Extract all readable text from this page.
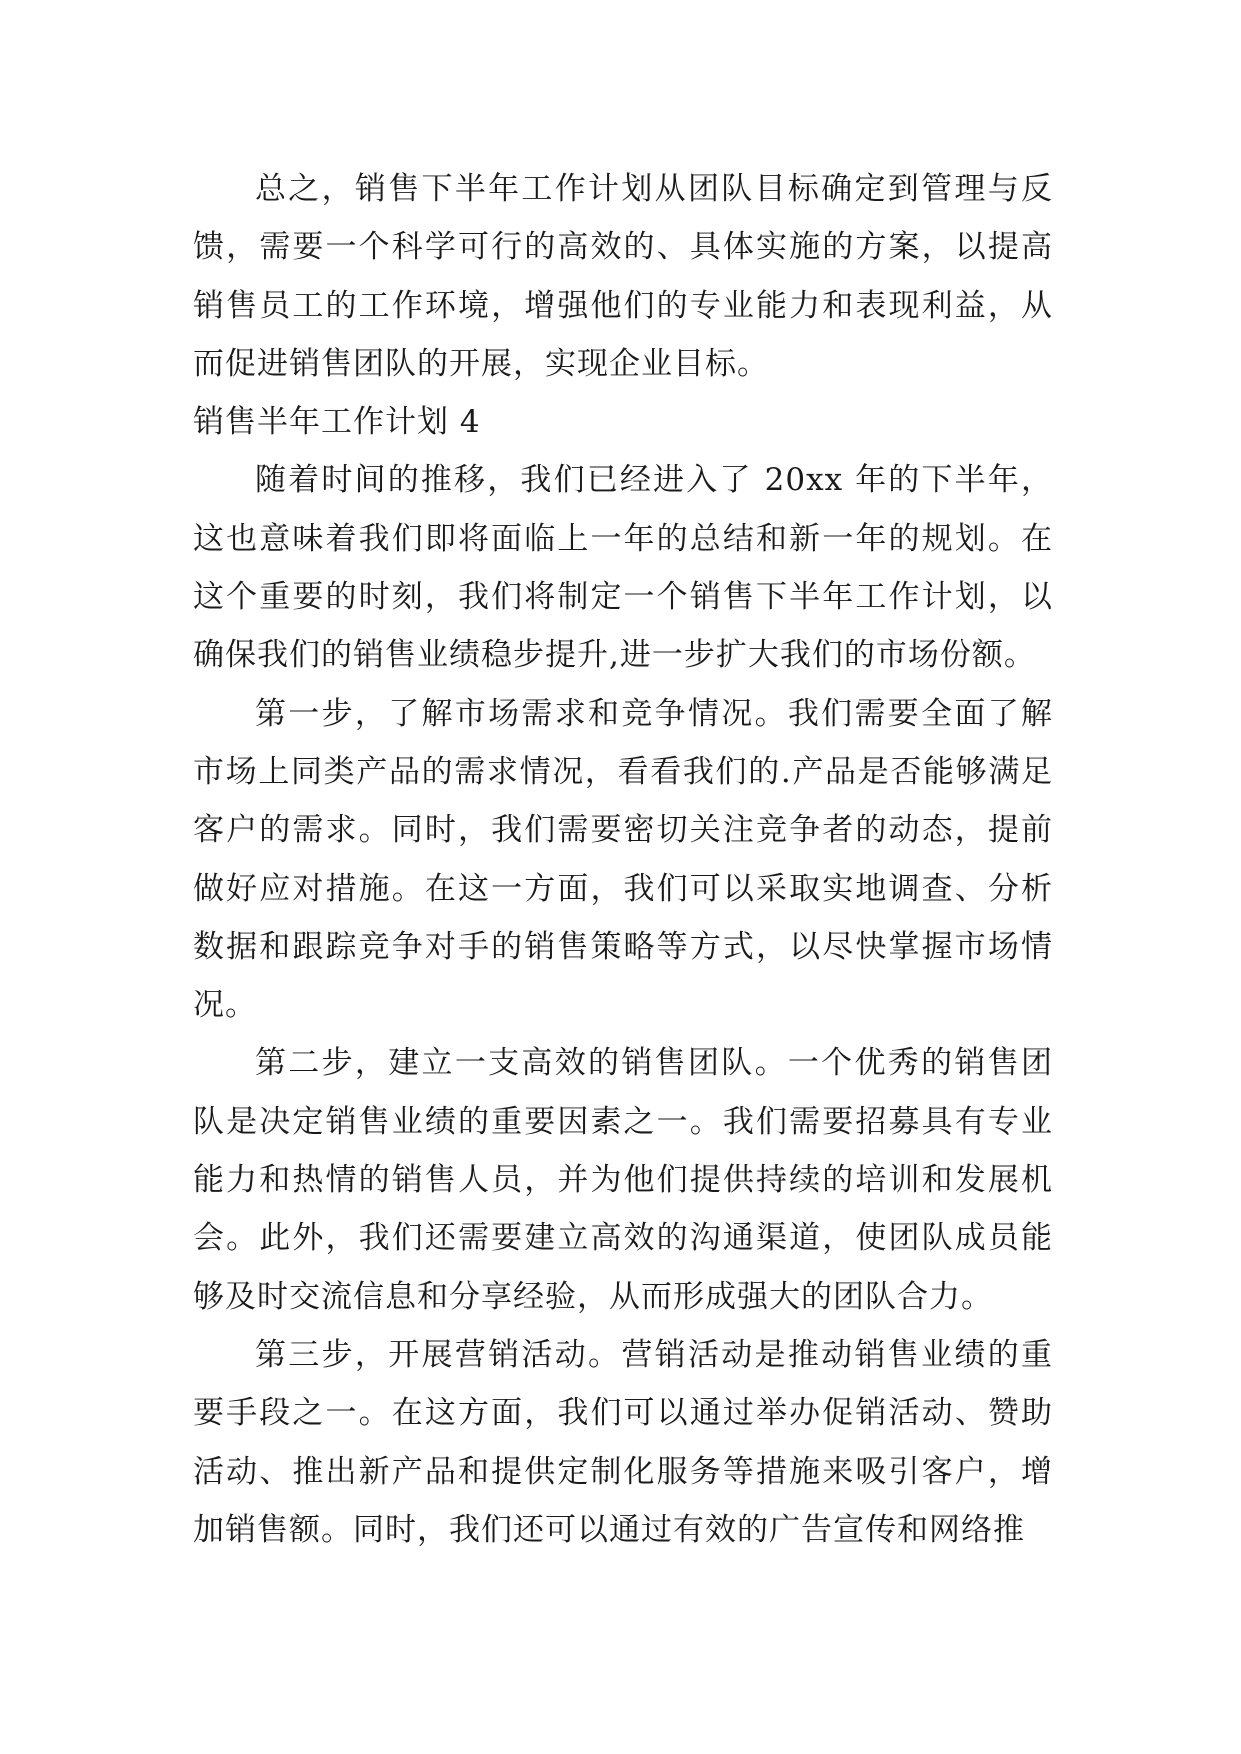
总之，销售下半年工作计划从团队目标确定到管理与反馈，需要一个科学可行的高效的、具体实施的方案，以提高销售员工的工作环境，增强他们的专业能力和表现利益，从而促进销售团队的开展，实现企业目标。

销售半年工作计划 4

随着时间的推移，我们已经进入了 20xx 年的下半年，这也意味着我们即将面临上一年的总结和新一年的规划。在这个重要的时刻，我们将制定一个销售下半年工作计划，以确保我们的销售业绩稳步提升,进一步扩大我们的市场份额。

第一步，了解市场需求和竞争情况。我们需要全面了解市场上同类产品的需求情况，看看我们的.产品是否能够满足客户的需求。同时，我们需要密切关注竞争者的动态，提前做好应对措施。在这一方面，我们可以采取实地调查、分析数据和跟踪竞争对手的销售策略等方式，以尽快掌握市场情况。

第二步，建立一支高效的销售团队。一个优秀的销售团队是决定销售业绩的重要因素之一。我们需要招募具有专业能力和热情的销售人员，并为他们提供持续的培训和发展机会。此外，我们还需要建立高效的沟通渠道，使团队成员能够及时交流信息和分享经验，从而形成强大的团队合力。

第三步，开展营销活动。营销活动是推动销售业绩的重要手段之一。在这方面，我们可以通过举办促销活动、赞助活动、推出新产品和提供定制化服务等措施来吸引客户，增加销售额。同时，我们还可以通过有效的广告宣传和网络推
